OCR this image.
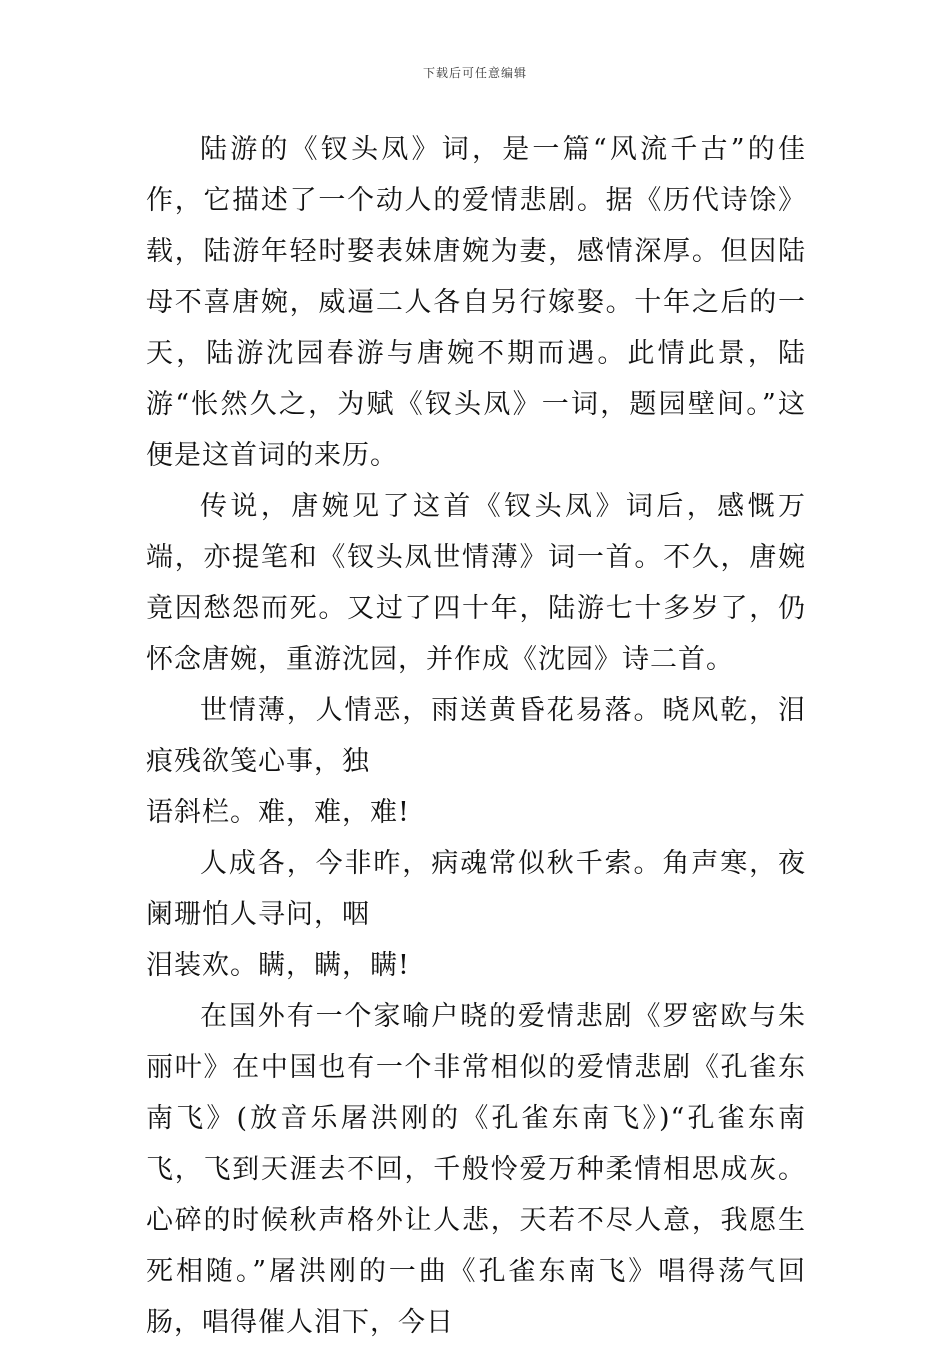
下载后可任意编辑

陆游的《钗头凤》词，是一篇“风流千古”的佳作，它描述了一个动人的爱情悲剧。据《历代诗馀》载，陆游年轻时娶表妹唐婉为妻，感情深厚。但因陆母不喜唐婉，威逼二人各自另行嫁娶。十年之后的一天，陆游沈园春游与唐婉不期而遇。此情此景，陆游“怅然久之，为赋《钗头凤》一词，题园壁间。”这便是这首词的来历。

传说，唐婉见了这首《钗头凤》词后，感慨万端，亦提笔和《钗头凤世情薄》词一首。不久，唐婉竟因愁怨而死。又过了四十年，陆游七十多岁了，仍怀念唐婉，重游沈园，并作成《沈园》诗二首。

世情薄，人情恶，雨送黄昏花易落。晓风乾，泪痕残欲笺心事，独

语斜栏。难，难，难!

人成各，今非昨，病魂常似秋千索。角声寒，夜阑珊怕人寻问，咽

泪装欢。瞒，瞒，瞒!

在国外有一个家喻户晓的爱情悲剧《罗密欧与朱丽叶》在中国也有一个非常相似的爱情悲剧《孔雀东南飞》(放音乐屠洪刚的《孔雀东南飞》)“孔雀东南飞，飞到天涯去不回，千般怜爱万种柔情相思成灰。心碎的时候秋声格外让人悲，天若不尽人意，我愿生死相随。”屠洪刚的一曲《孔雀东南飞》唱得荡气回肠，唱得催人泪下，今日
